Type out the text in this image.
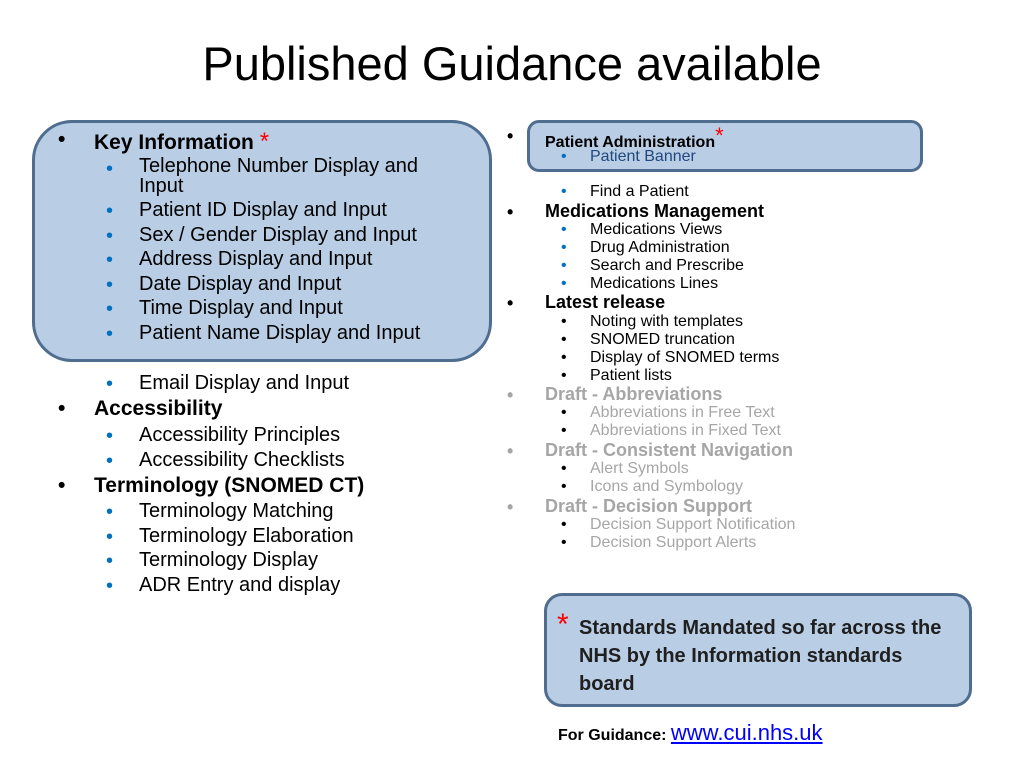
Published Guidance available
• Key Information *
• Telephone Number Display and
Input
• Patient ID Display and Input
• Sex / Gender Display and Input
• Address Display and Input
• Date Display and Input
• Time Display and Input
• Patient Name Display and Input
• Email Display and Input
• Accessibility
• Accessibility Principles
• Accessibility Checklists
• Terminology (SNOMED CT)
• Terminology Matching
• Terminology Elaboration
• Terminology Display
• ADR Entry and display
• Patient Administration*
• Patient Banner
• Find a Patient
• Medications Management
• Medications Views
• Drug Administration
• Search and Prescribe
• Medications Lines
• Latest release
• Noting with templates
• SNOMED truncation
• Display of SNOMED terms
• Patient lists
• Draft - Abbreviations
• Abbreviations in Free Text
• Abbreviations in Fixed Text
• Draft - Consistent Navigation
• Alert Symbols
• Icons and Symbology
• Draft - Decision Support
• Decision Support Notification
• Decision Support Alerts
* Standards Mandated so far across the NHS by the Information standards board
For Guidance: www.cui.nhs.uk
